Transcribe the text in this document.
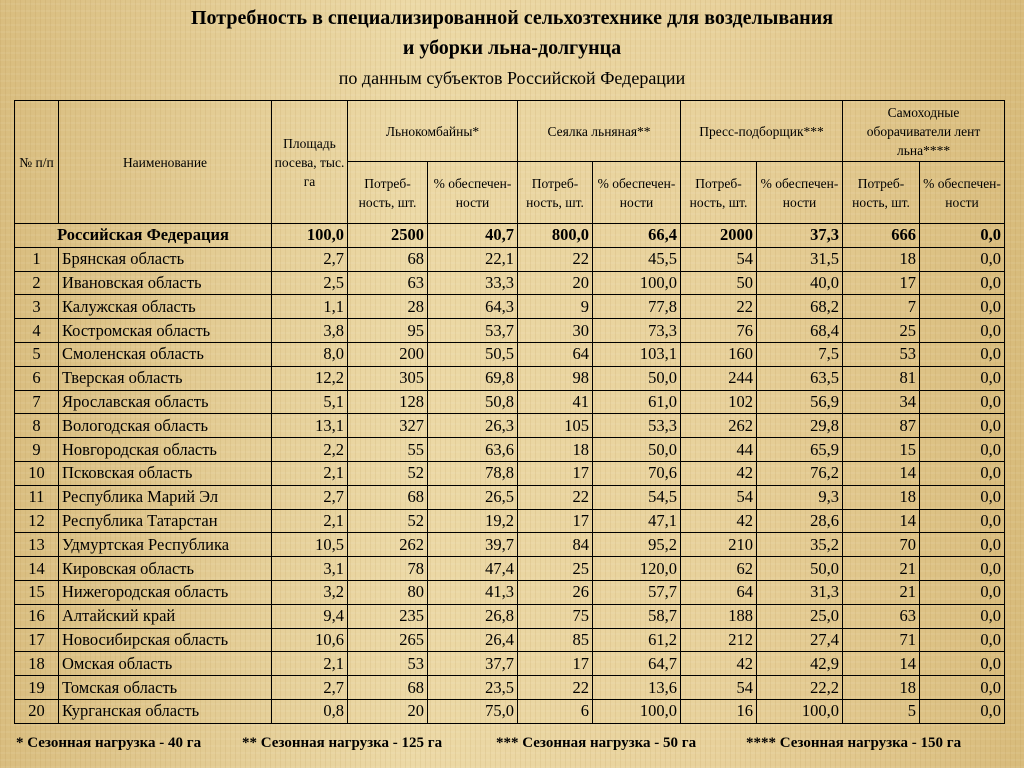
Потребность в специализированной сельхозтехнике для возделывания
и уборки льна-долгунца
по данным субъектов Российской Федерации
№ п/п	Наименование	Площадь посева, тыс. га	Льнокомбайны*		Сеялка льняная**		Пресс-подборщик***		Самоходные оборачиватели лент льна****	
			Потреб-ность, шт.	% обеспечен-ности	Потреб-ность, шт.	% обеспечен-ности	Потреб-ность, шт.	% обеспечен-ности	Потреб-ность, шт.	% обеспечен-ности
Российская Федерация		100,0	2500	40,7	800,0	66,4	2000	37,3	666	0,0
1	Брянская область	2,7	68	22,1	22	45,5	54	31,5	18	0,0
2	Ивановская область	2,5	63	33,3	20	100,0	50	40,0	17	0,0
3	Калужская область	1,1	28	64,3	9	77,8	22	68,2	7	0,0
4	Костромская область	3,8	95	53,7	30	73,3	76	68,4	25	0,0
5	Смоленская область	8,0	200	50,5	64	103,1	160	7,5	53	0,0
6	Тверская область	12,2	305	69,8	98	50,0	244	63,5	81	0,0
7	Ярославская область	5,1	128	50,8	41	61,0	102	56,9	34	0,0
8	Вологодская область	13,1	327	26,3	105	53,3	262	29,8	87	0,0
9	Новгородская область	2,2	55	63,6	18	50,0	44	65,9	15	0,0
10	Псковская область	2,1	52	78,8	17	70,6	42	76,2	14	0,0
11	Республика Марий Эл	2,7	68	26,5	22	54,5	54	9,3	18	0,0
12	Республика Татарстан	2,1	52	19,2	17	47,1	42	28,6	14	0,0
13	Удмуртская Республика	10,5	262	39,7	84	95,2	210	35,2	70	0,0
14	Кировская область	3,1	78	47,4	25	120,0	62	50,0	21	0,0
15	Нижегородская область	3,2	80	41,3	26	57,7	64	31,3	21	0,0
16	Алтайский край	9,4	235	26,8	75	58,7	188	25,0	63	0,0
17	Новосибирская область	10,6	265	26,4	85	61,2	212	27,4	71	0,0
18	Омская область	2,1	53	37,7	17	64,7	42	42,9	14	0,0
19	Томская область	2,7	68	23,5	22	13,6	54	22,2	18	0,0
20	Курганская область	0,8	20	75,0	6	100,0	16	100,0	5	0,0
* Сезонная нагрузка - 40 га	** Сезонная нагрузка - 125 га	*** Сезонная нагрузка - 50 га	**** Сезонная нагрузка - 150 га
